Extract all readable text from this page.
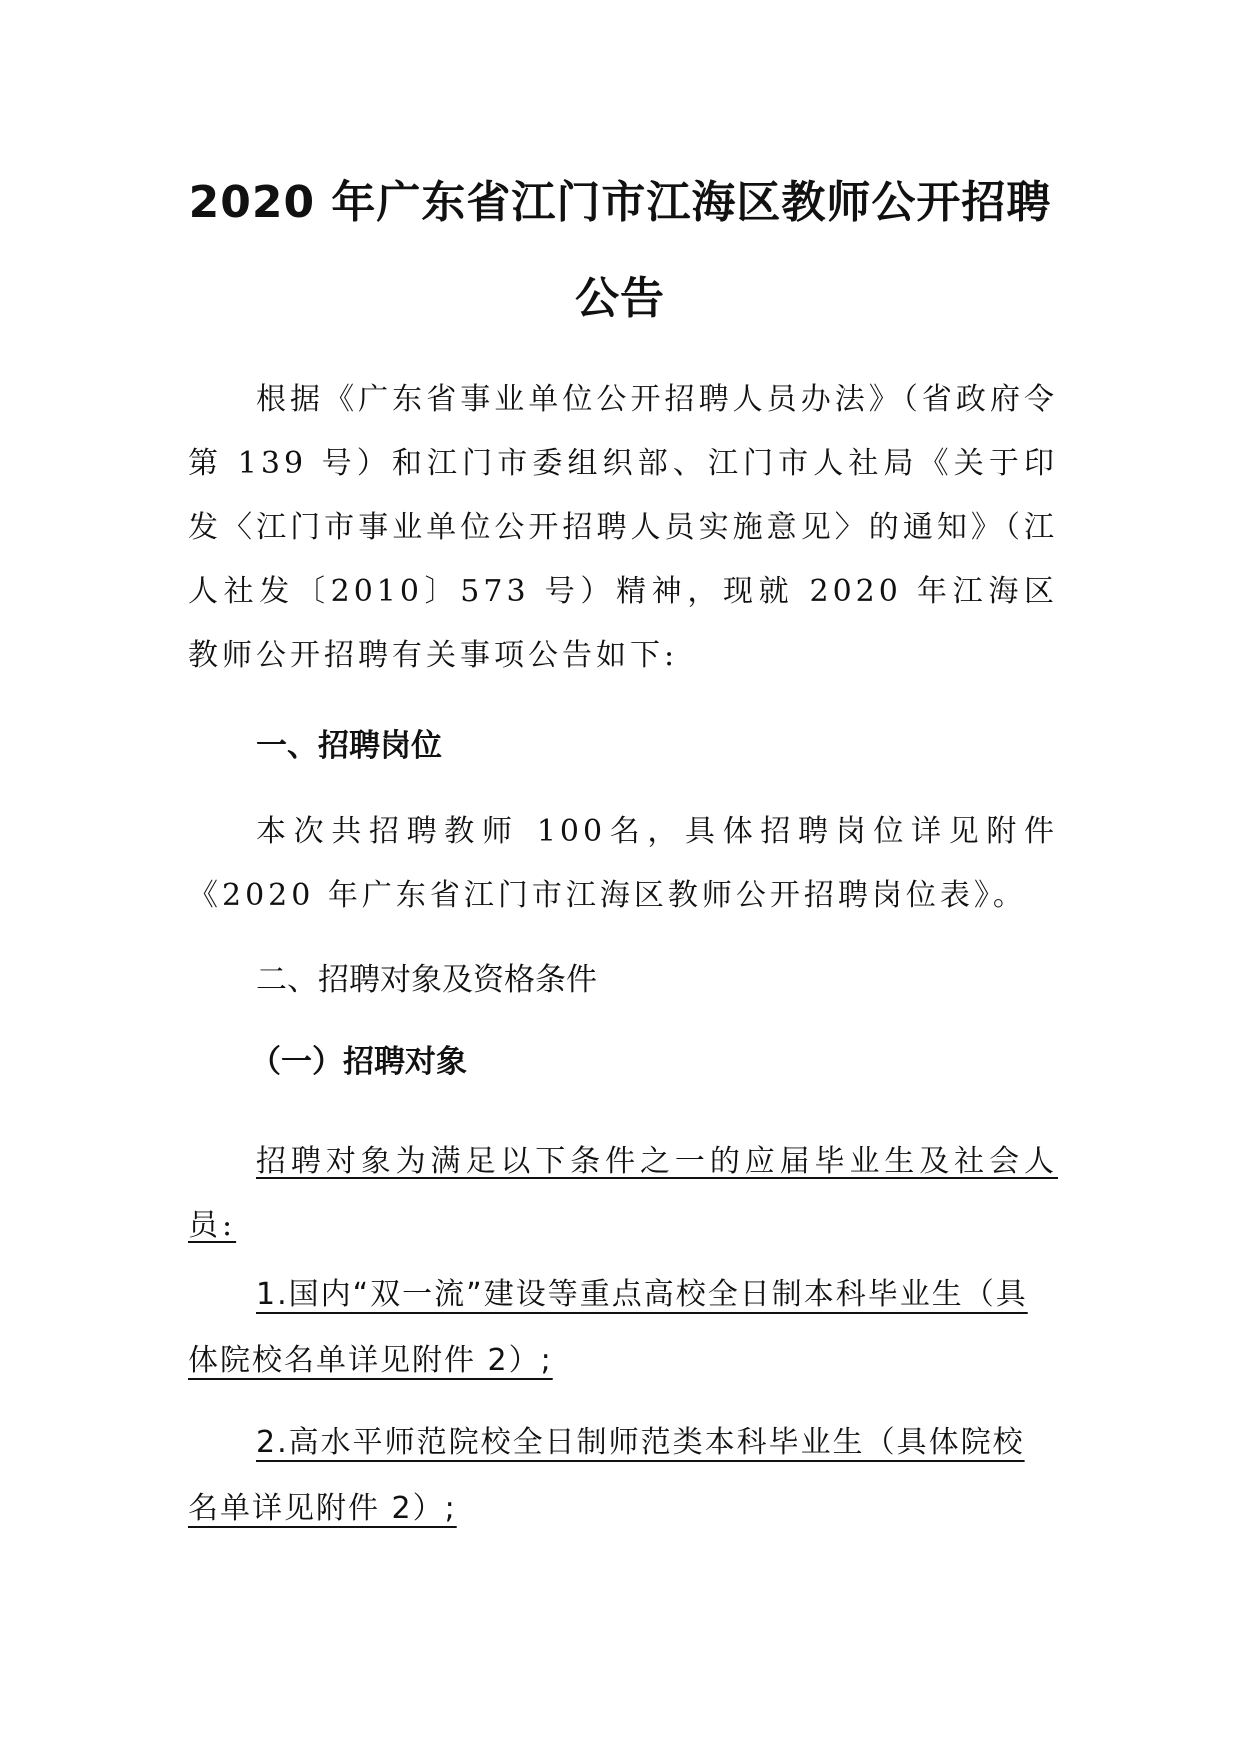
2020 年广东省江门市江海区教师公开招聘
公告
根据《广东省事业单位公开招聘人员办法》（省政府令第 139 号）和江门市委组织部、江门市人社局《关于印发〈江门市事业单位公开招聘人员实施意见〉的通知》（江人社发〔2010〕573 号）精神，现就 2020 年江海区教师公开招聘有关事项公告如下:
一、招聘岗位
本次共招聘教师 100名，具体招聘岗位详见附件《2020 年广东省江门市江海区教师公开招聘岗位表》。
二、招聘对象及资格条件
（一）招聘对象
招聘对象为满足以下条件之一的应届毕业生及社会人员:
1.国内“双一流”建设等重点高校全日制本科毕业生（具体院校名单详见附件 2）;
2.高水平师范院校全日制师范类本科毕业生（具体院校名单详见附件 2）;
